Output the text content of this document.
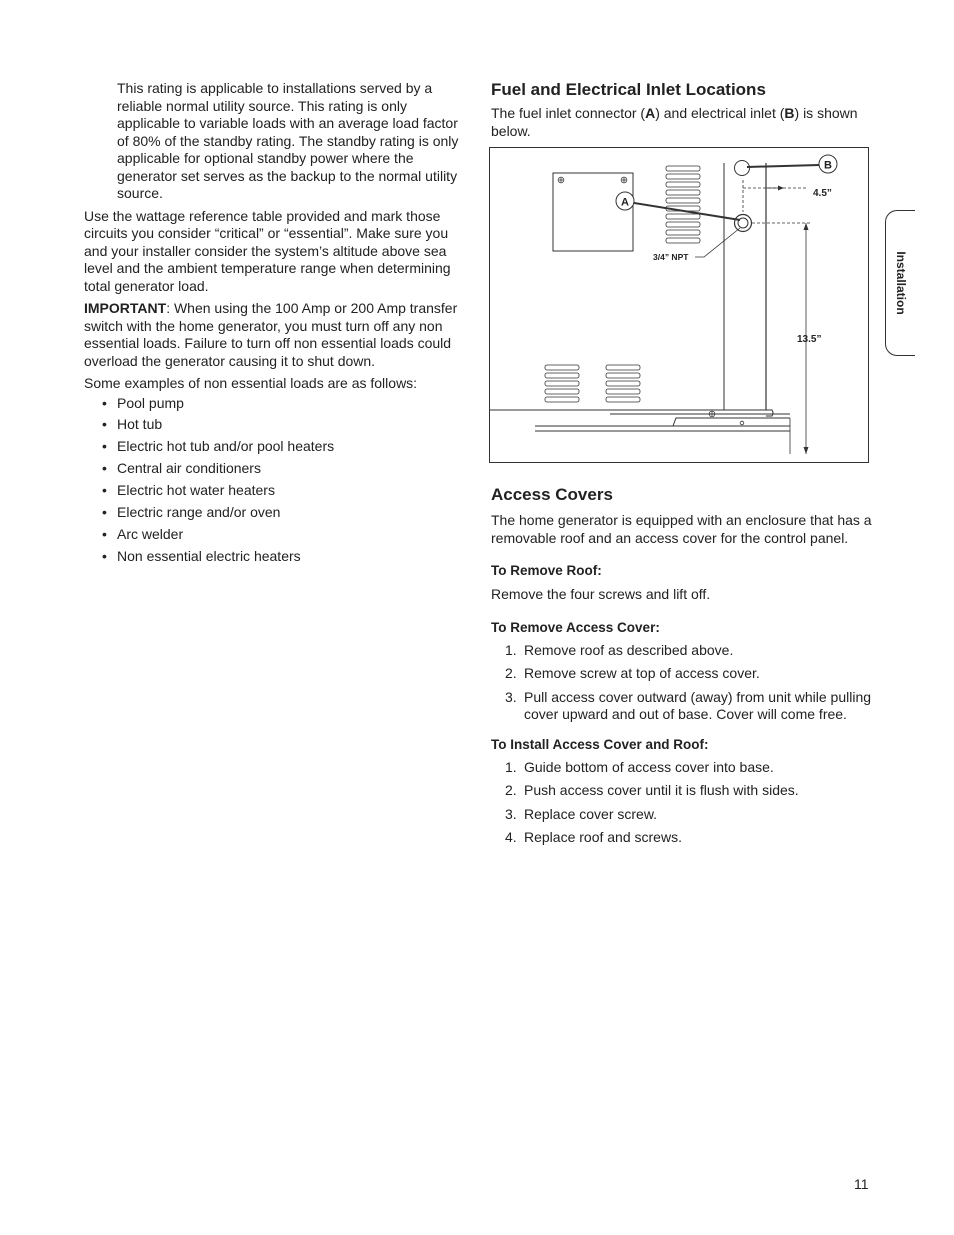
This rating is applicable to installations served by a reliable normal utility source. This rating is only applicable to variable loads with an average load factor of 80% of the standby rating. The standby rating is only applicable for optional standby power where the generator set serves as the backup to the normal utility source.

Use the wattage reference table provided and mark those circuits you consider “critical” or “essential”. Make sure you and your installer consider the system’s altitude above sea level and the ambient temperature range when determining total generator load.

IMPORTANT: When using the 100 Amp or 200 Amp transfer switch with the home generator, you must turn off any non essential loads. Failure to turn off non essential loads could overload the generator causing it to shut down.

Some examples of non essential loads are as follows:

• Pool pump
• Hot tub
• Electric hot tub and/or pool heaters
• Central air conditioners
• Electric hot water heaters
• Electric range and/or oven
• Arc welder
• Non essential electric heaters
Fuel and Electrical Inlet Locations

The fuel inlet connector (A) and electrical inlet (B) is shown below.

A
B
3/4” NPT
4.5”
13.5”
Access Covers

The home generator is equipped with an enclosure that has a removable roof and an access cover for the control panel.

To Remove Roof:

Remove the four screws and lift off.

To Remove Access Cover:
1. Remove roof as described above.
2. Remove screw at top of access cover.
3. Pull access cover outward (away) from unit while pulling cover upward and out of base. Cover will come free.
To Install Access Cover and Roof:
1. Guide bottom of access cover into base.
2. Push access cover until it is flush with sides.
3. Replace cover screw.
4. Replace roof and screws.
Installation
11
